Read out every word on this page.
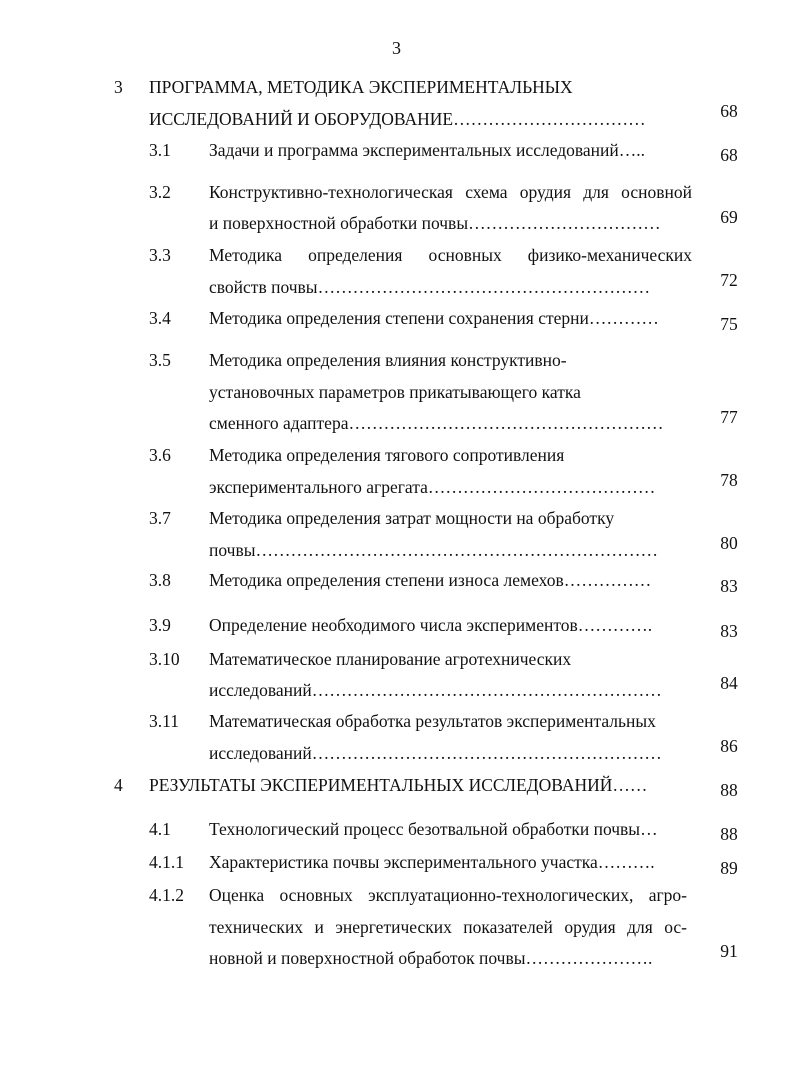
3
3 ПРОГРАММА, МЕТОДИКА ЭКСПЕРИМЕНТАЛЬНЫХ
ИССЛЕДОВАНИЙ И ОБОРУДОВАНИЕ……………………………	68
3.1 Задачи и программа экспериментальных исследований…..	68
3.2 Конструктивно-технологическая схема орудия для основной
и поверхностной обработки почвы……………………………	69
3.3 Методика определения основных физико-механических
свойств почвы…………………………………………………	72
3.4 Методика определения степени сохранения стерни…………	75
3.5 Методика определения влияния конструктивно-
установочных параметров прикатывающего катка
сменного адаптера………………………………………………	77
3.6 Методика определения тягового сопротивления
экспериментального агрегата…………………………………	78
3.7 Методика определения затрат мощности на обработку
почвы……………………………………………………………	80
3.8 Методика определения степени износа лемехов……………	83
3.9 Определение необходимого числа экспериментов………….	83
3.10 Математическое планирование агротехнических
исследований……………………………………………………	84
3.11 Математическая обработка результатов экспериментальных
исследований……………………………………………………	86
4 РЕЗУЛЬТАТЫ ЭКСПЕРИМЕНТАЛЬНЫХ ИССЛЕДОВАНИЙ……	88
4.1 Технологический процесс безотвальной обработки почвы…	88
4.1.1 Характеристика почвы экспериментального участка……….	89
4.1.2 Оценка основных эксплуатационно-технологических, агро-
технических и энергетических показателей орудия для ос-
новной и поверхностной обработок почвы………………….	91
